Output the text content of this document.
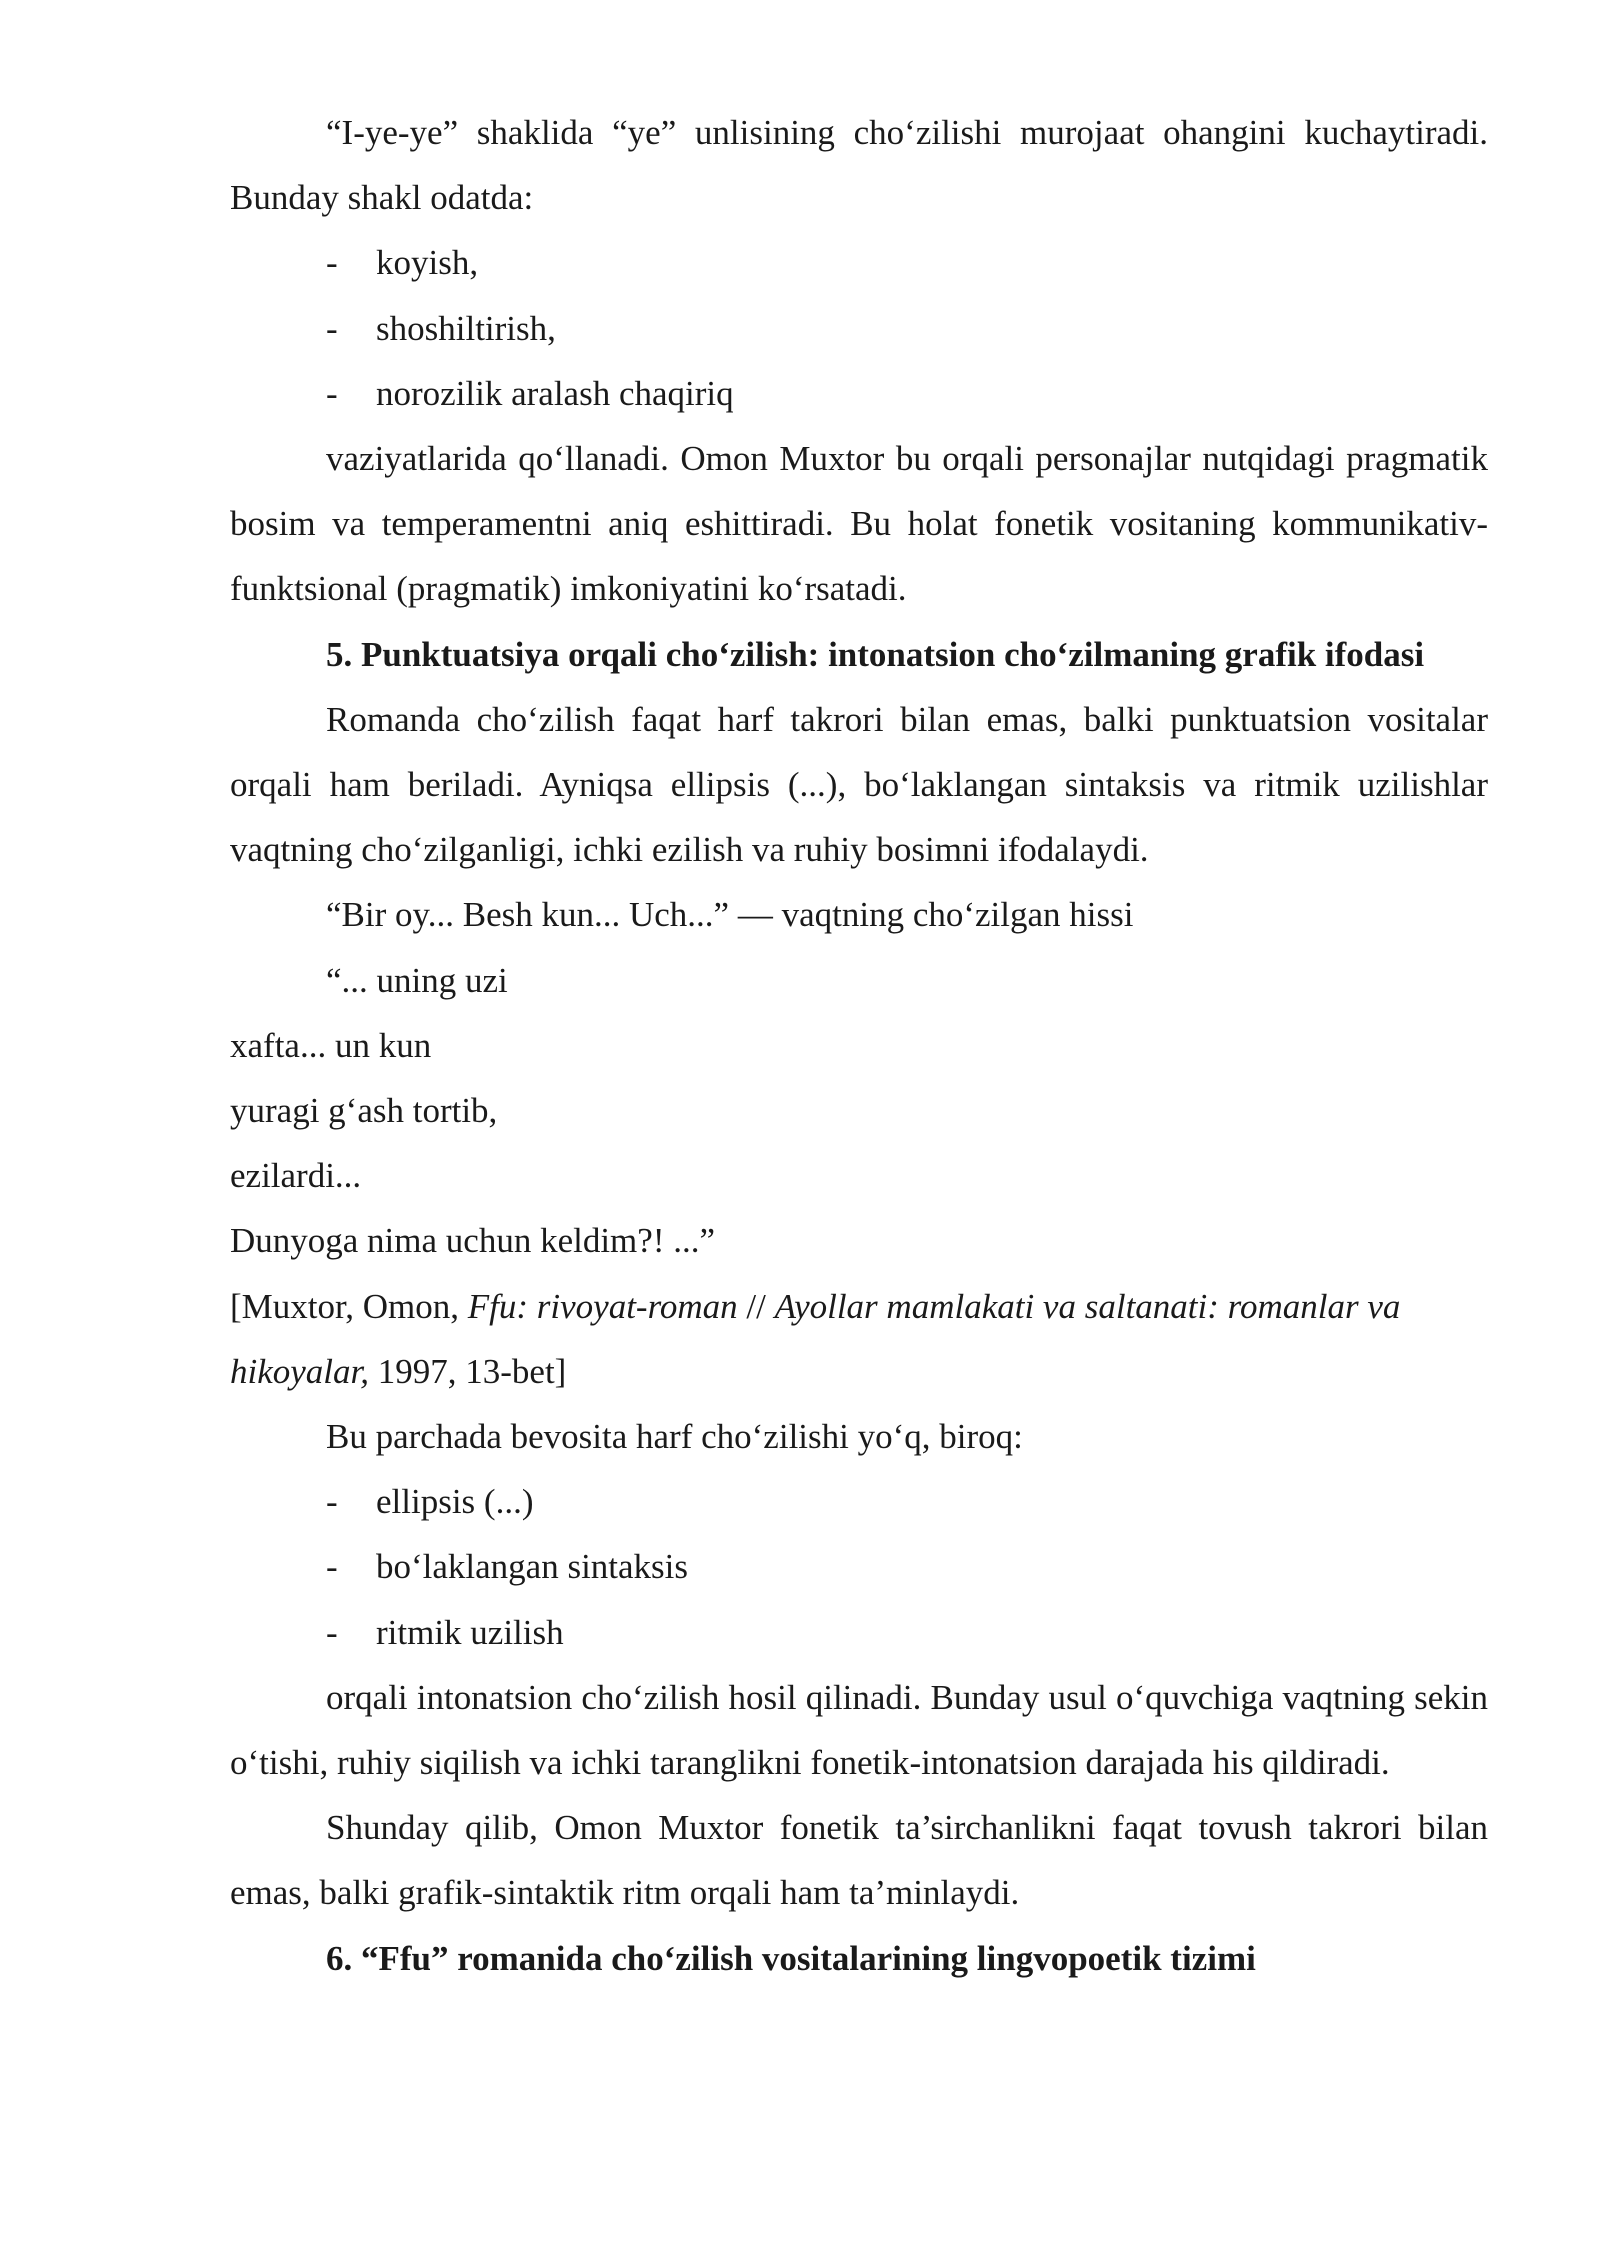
“I-ye-ye” shaklida “ye” unlisining cho‘zilishi murojaat ohangini kuchaytiradi. Bunday shakl odatda:

- koyish,

- shoshiltirish,

- norozilik aralash chaqiriq

vaziyatlarida qo‘llanadi. Omon Muxtor bu orqali personajlar nutqidagi pragmatik bosim va temperamentni aniq eshittiradi. Bu holat fonetik vositaning kommunikativ-funktsional (pragmatik) imkoniyatini ko‘rsatadi.

5. Punktuatsiya orqali cho‘zilish: intonatsion cho‘zilmaning grafik ifodasi

Romanda cho‘zilish faqat harf takrori bilan emas, balki punktuatsion vositalar orqali ham beriladi. Ayniqsa ellipsis (...), bo‘laklangan sintaksis va ritmik uzilishlar vaqtning cho‘zilganligi, ichki ezilish va ruhiy bosimni ifodalaydi.

“Bir oy... Besh kun... Uch...” — vaqtning cho‘zilgan hissi

“... uning uzi

xafta... un kun

yuragi g‘ash tortib,

ezilardi...

Dunyoga nima uchun keldim?! ...”

[Muxtor, Omon, Ffu: rivoyat-roman // Ayollar mamlakati va saltanati: romanlar va hikoyalar, 1997, 13-bet]

Bu parchada bevosita harf cho‘zilishi yo‘q, biroq:

- ellipsis (...)

- bo‘laklangan sintaksis

- ritmik uzilish

orqali intonatsion cho‘zilish hosil qilinadi. Bunday usul o‘quvchiga vaqtning sekin o‘tishi, ruhiy siqilish va ichki taranglikni fonetik-intonatsion darajada his qildiradi.

Shunday qilib, Omon Muxtor fonetik ta’sirchanlikni faqat tovush takrori bilan emas, balki grafik-sintaktik ritm orqali ham ta’minlaydi.

6. “Ffu” romanida cho‘zilish vositalarining lingvopoetik tizimi
